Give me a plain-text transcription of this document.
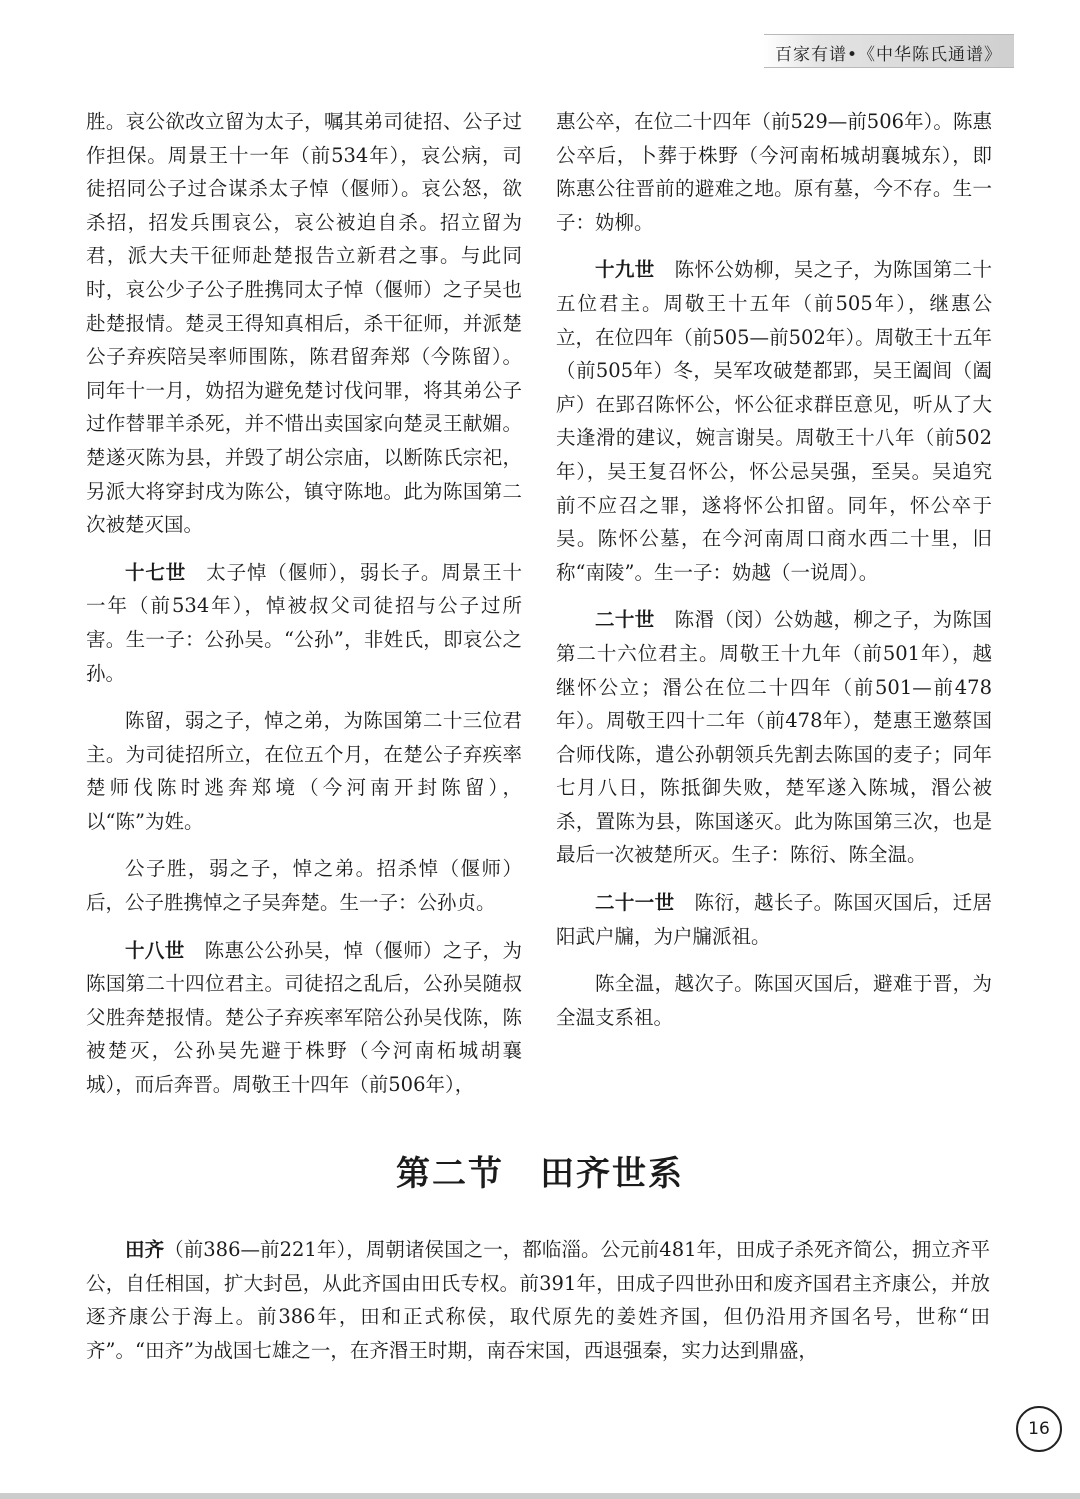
百家有谱•《中华陈氏通谱》

胜。哀公欲改立留为太子，嘱其弟司徒招、公子过作担保。周景王十一年（前534年），哀公病，司徒招同公子过合谋杀太子悼（偃师）。哀公怒，欲杀招，招发兵围哀公，哀公被迫自杀。招立留为君，派大夫干征师赴楚报告立新君之事。与此同时，哀公少子公子胜携同太子悼（偃师）之子吴也赴楚报情。楚灵王得知真相后，杀干征师，并派楚公子弃疾陪吴率师围陈，陈君留奔郑（今陈留）。同年十一月，妫招为避免楚讨伐问罪，将其弟公子过作替罪羊杀死，并不惜出卖国家向楚灵王献媚。楚遂灭陈为县，并毁了胡公宗庙，以断陈氏宗祀，另派大将穿封戌为陈公，镇守陈地。此为陈国第二次被楚灭国。

十七世 太子悼（偃师），弱长子。周景王十一年（前534年），悼被叔父司徒招与公子过所害。生一子：公孙吴。“公孙”，非姓氏，即哀公之孙。

陈留，弱之子，悼之弟，为陈国第二十三位君主。为司徒招所立，在位五个月，在楚公子弃疾率楚师伐陈时逃奔郑境（今河南开封陈留），以“陈”为姓。

公子胜，弱之子，悼之弟。招杀悼（偃师）后，公子胜携悼之子吴奔楚。生一子：公孙贞。

十八世 陈惠公公孙吴，悼（偃师）之子，为陈国第二十四位君主。司徒招之乱后，公孙吴随叔父胜奔楚报情。楚公子弃疾率军陪公孙吴伐陈，陈被楚灭，公孙吴先避于株野（今河南柘城胡襄城），而后奔晋。周敬王十四年（前506年），

惠公卒，在位二十四年（前529—前506年）。陈惠公卒后，卜葬于株野（今河南柘城胡襄城东），即陈惠公往晋前的避难之地。原有墓，今不存。生一子：妫柳。

十九世 陈怀公妫柳，吴之子，为陈国第二十五位君主。周敬王十五年（前505年），继惠公立，在位四年（前505—前502年）。周敬王十五年（前505年）冬，吴军攻破楚都郢，吴王阖闾（阖庐）在郢召陈怀公，怀公征求群臣意见，听从了大夫逢滑的建议，婉言谢吴。周敬王十八年（前502年），吴王复召怀公，怀公忌吴强，至吴。吴追究前不应召之罪，遂将怀公扣留。同年，怀公卒于吴。陈怀公墓，在今河南周口商水西二十里，旧称“南陵”。生一子：妫越（一说周）。

二十世 陈湣（闵）公妫越，柳之子，为陈国第二十六位君主。周敬王十九年（前501年），越继怀公立；湣公在位二十四年（前501—前478年）。周敬王四十二年（前478年），楚惠王邀蔡国合师伐陈，遣公孙朝领兵先割去陈国的麦子；同年七月八日，陈抵御失败，楚军遂入陈城，湣公被杀，置陈为县，陈国遂灭。此为陈国第三次，也是最后一次被楚所灭。生子：陈衍、陈全温。

二十一世 陈衍，越长子。陈国灭国后，迁居阳武户牖，为户牖派祖。

陈全温，越次子。陈国灭国后，避难于晋，为全温支系祖。

第二节　田齐世系

田齐（前386—前221年），周朝诸侯国之一，都临淄。公元前481年，田成子杀死齐简公，拥立齐平公，自任相国，扩大封邑，从此齐国由田氏专权。前391年，田成子四世孙田和废齐国君主齐康公，并放逐齐康公于海上。前386年，田和正式称侯，取代原先的姜姓齐国，但仍沿用齐国名号，世称“田齐”。“田齐”为战国七雄之一，在齐湣王时期，南吞宋国，西退强秦，实力达到鼎盛，

16
